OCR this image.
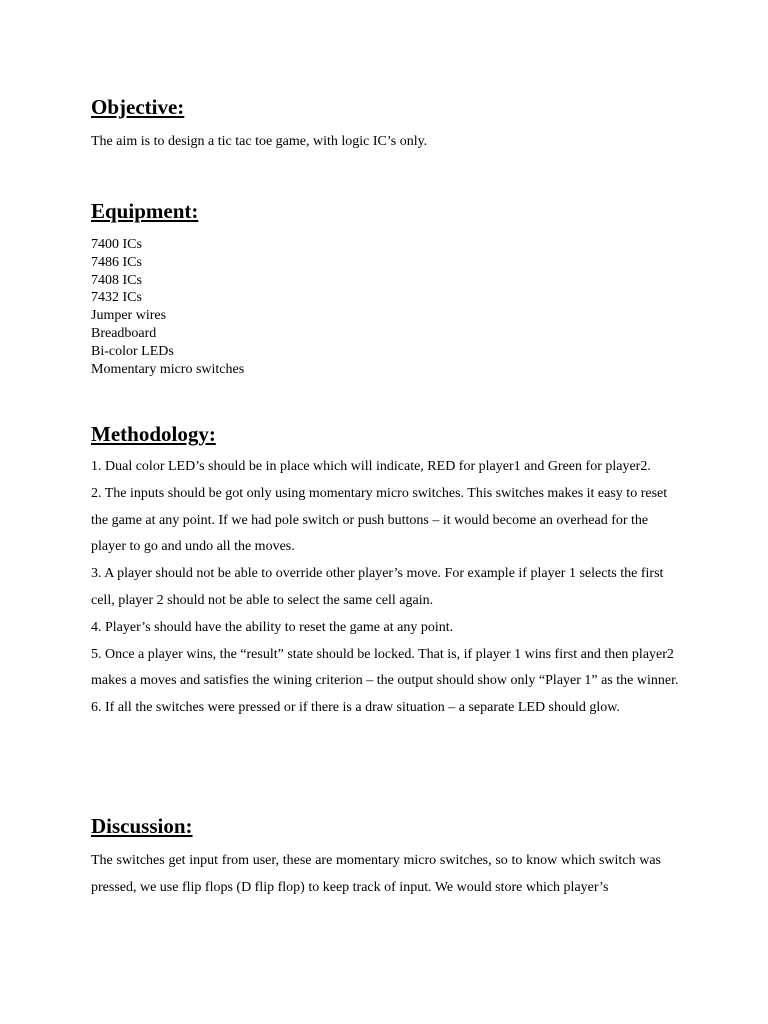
Objective:

The aim is to design a tic tac toe game, with logic IC’s only.

Equipment:
7400 ICs
7486 ICs
7408 ICs
7432 ICs
Jumper wires
Breadboard
Bi-color LEDs
Momentary micro switches
Methodology:

1. Dual color LED’s should be in place which will indicate, RED for player1 and Green for player2.

2. The inputs should be got only using momentary micro switches. This switches makes it easy to reset the game at any point. If we had pole switch or push buttons – it would become an overhead for the player to go and undo all the moves.

3. A player should not be able to override other player’s move. For example if player 1 selects the first cell, player 2 should not be able to select the same cell again.

4. Player’s should have the ability to reset the game at any point.

5. Once a player wins, the “result” state should be locked. That is, if player 1 wins first and then player2 makes a moves and satisfies the wining criterion – the output should show only “Player 1” as the winner.

6. If all the switches were pressed or if there is a draw situation – a separate LED should glow.

Discussion:

The switches get input from user, these are momentary micro switches, so to know which switch was pressed, we use flip flops (D flip flop) to keep track of input. We would store which player’s
